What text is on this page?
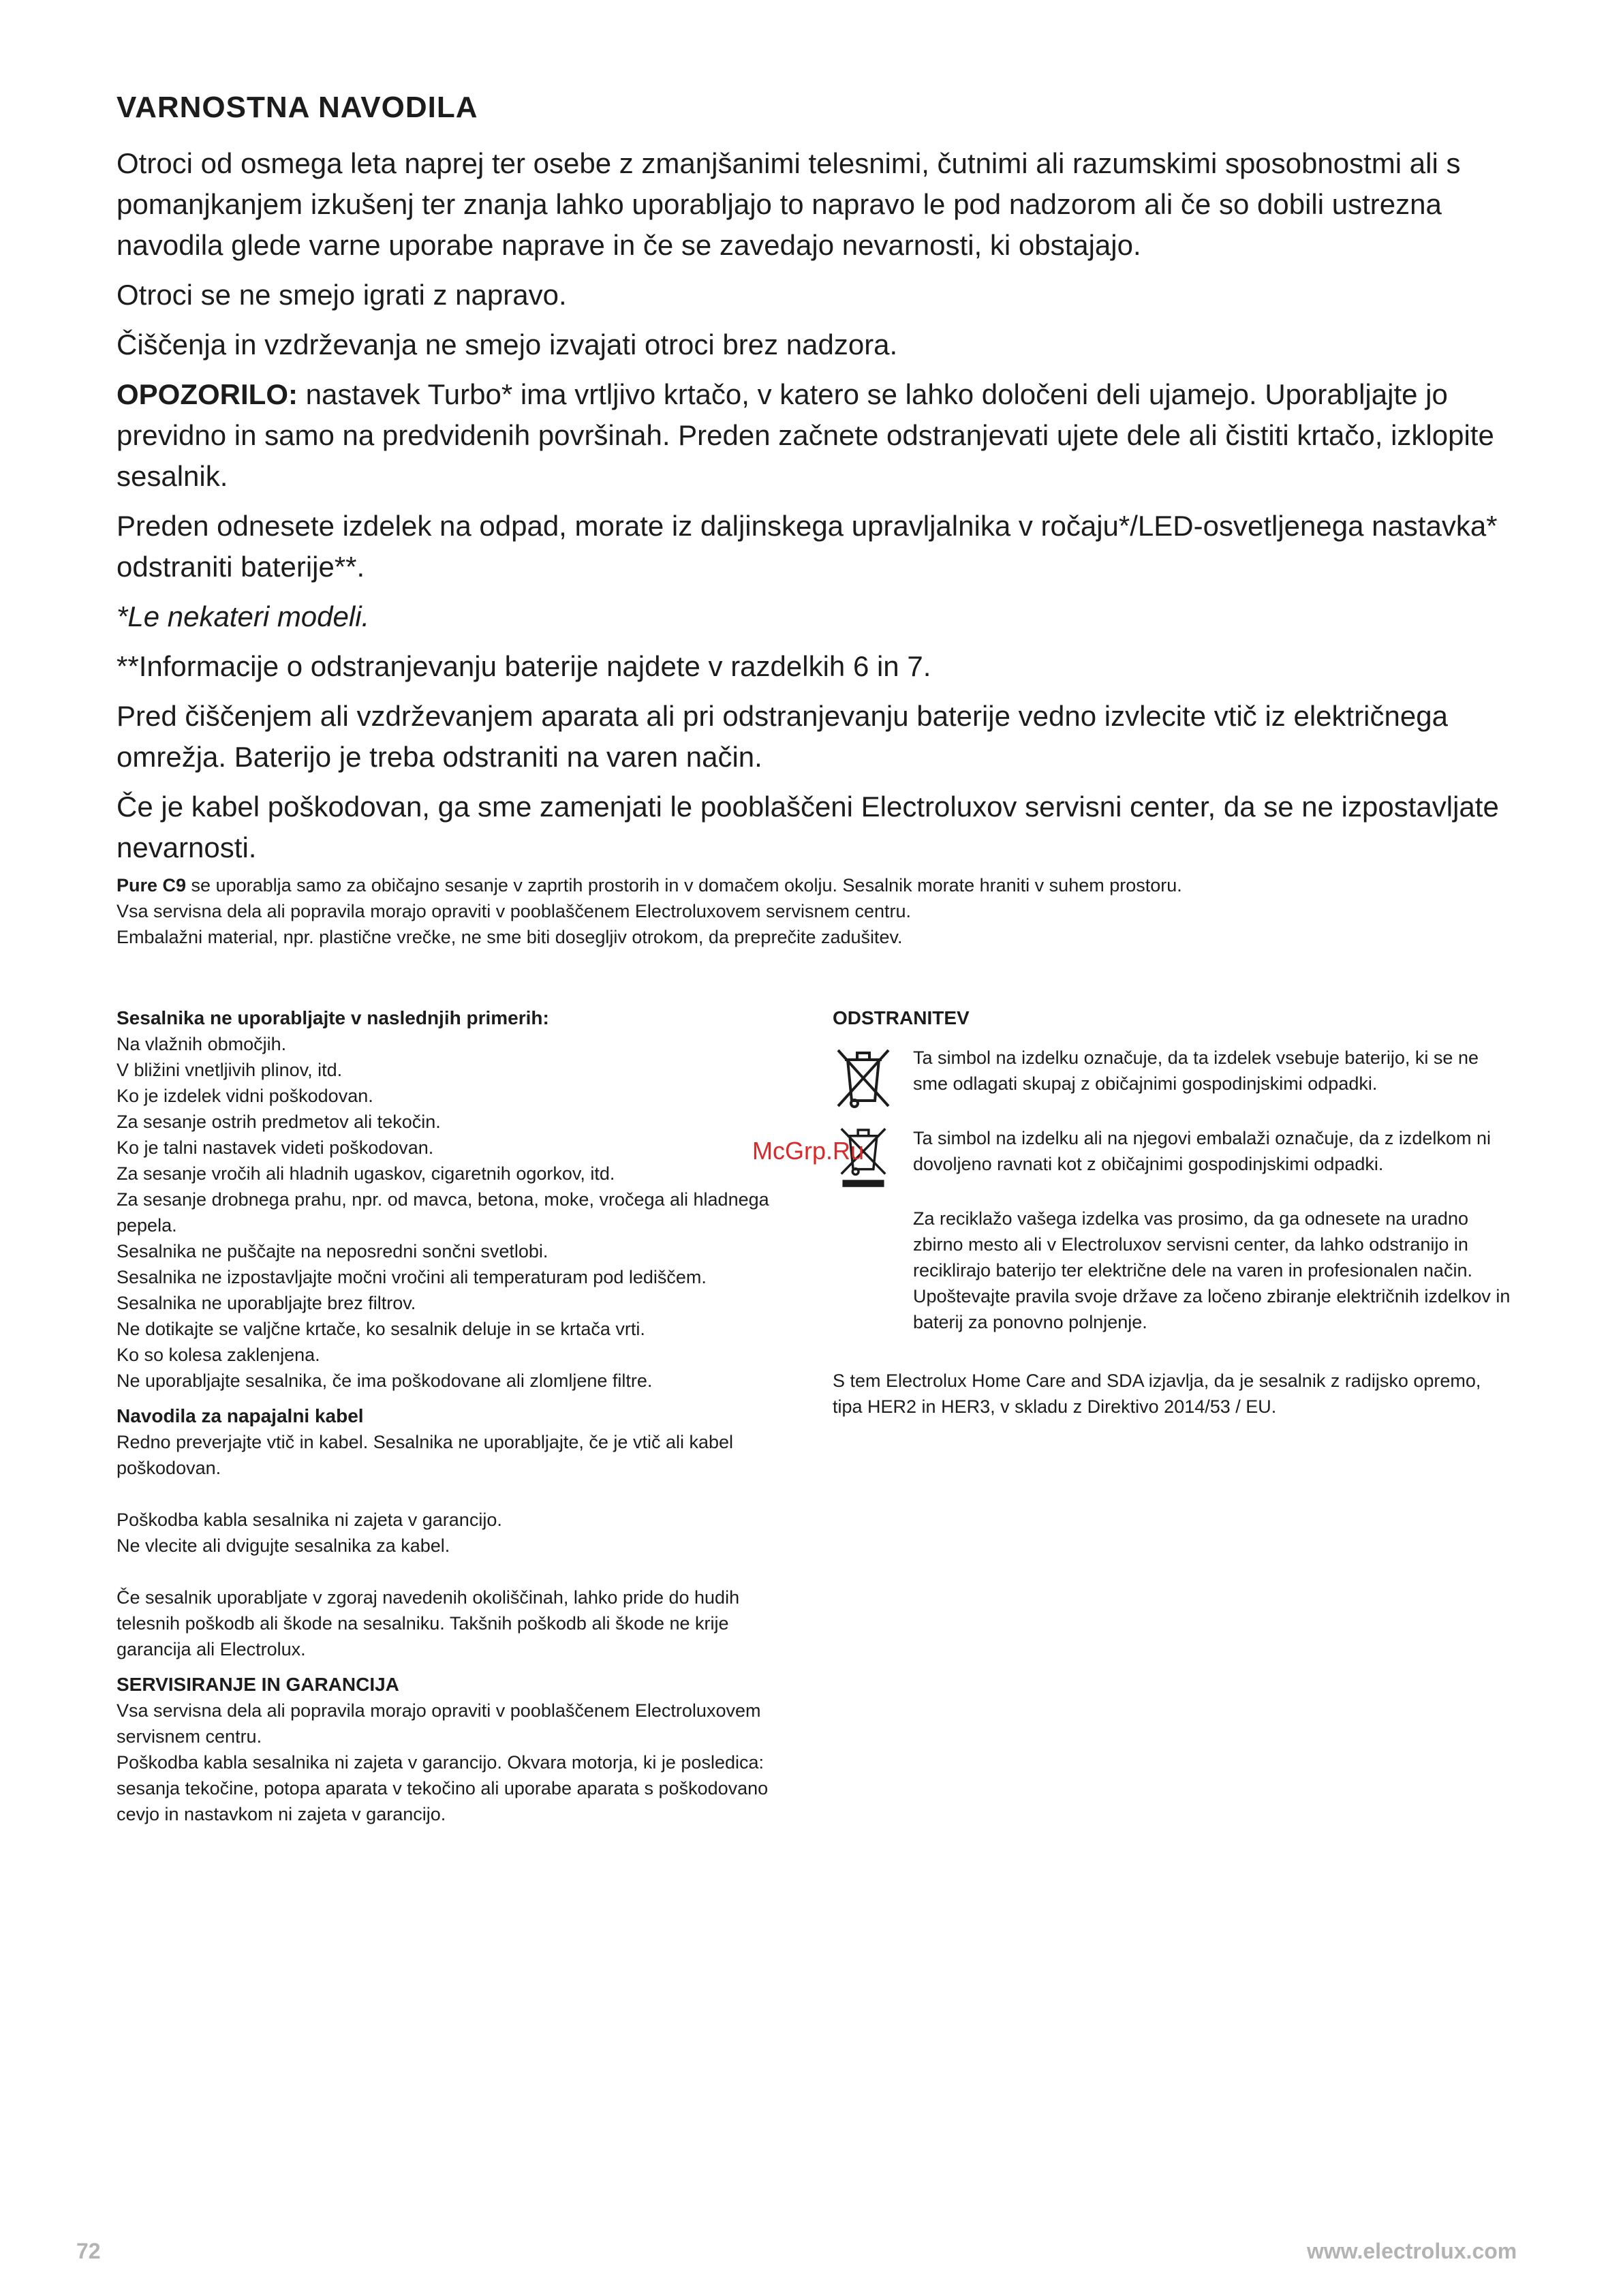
VARNOSTNA NAVODILA

Otroci od osmega leta naprej ter osebe z zmanjšanimi telesnimi, čutnimi ali razumskimi sposobnostmi ali s pomanjkanjem izkušenj ter znanja lahko uporabljajo to napravo le pod nadzorom ali če so dobili ustrezna navodila glede varne uporabe naprave in če se zavedajo nevarnosti, ki obstajajo.

Otroci se ne smejo igrati z napravo.

Čiščenja in vzdrževanja ne smejo izvajati otroci brez nadzora.

OPOZORILO: nastavek Turbo* ima vrtljivo krtačo, v katero se lahko določeni deli ujamejo. Uporabljajte jo previdno in samo na predvidenih površinah. Preden začnete odstranjevati ujete dele ali čistiti krtačo, izklopite sesalnik.

Preden odnesete izdelek na odpad, morate iz daljinskega upravljalnika v ročaju*/LED-osvetljenega nastavka* odstraniti baterije**.

*Le nekateri modeli.

**Informacije o odstranjevanju baterije najdete v razdelkih 6 in 7.

Pred čiščenjem ali vzdrževanjem aparata ali pri odstranjevanju baterije vedno izvlecite vtič iz električnega omrežja. Baterijo je treba odstraniti na varen način.

Če je kabel poškodovan, ga sme zamenjati le pooblaščeni Electroluxov servisni center, da se ne izpostavljate nevarnosti.

Pure C9 se uporablja samo za običajno sesanje v zaprtih prostorih in v domačem okolju. Sesalnik morate hraniti v suhem prostoru.

Vsa servisna dela ali popravila morajo opraviti v pooblaščenem Electroluxovem servisnem centru.

Embalažni material, npr. plastične vrečke, ne sme biti dosegljiv otrokom, da preprečite zadušitev.

Sesalnika ne uporabljajte v naslednjih primerih:

Na vlažnih območjih.

V bližini vnetljivih plinov, itd.

Ko je izdelek vidni poškodovan.

Za sesanje ostrih predmetov ali tekočin.

Ko je talni nastavek videti poškodovan.

Za sesanje vročih ali hladnih ugaskov, cigaretnih ogorkov, itd.

Za sesanje drobnega prahu, npr. od mavca, betona, moke, vročega ali hladnega pepela.

Sesalnika ne puščajte na neposredni sončni svetlobi.

Sesalnika ne izpostavljajte močni vročini ali temperaturam pod lediščem.

Sesalnika ne uporabljajte brez filtrov.

Ne dotikajte se valjčne krtače, ko sesalnik deluje in se krtača vrti.

Ko so kolesa zaklenjena.

Ne uporabljajte sesalnika, če ima poškodovane ali zlomljene filtre.

Navodila za napajalni kabel

Redno preverjajte vtič in kabel. Sesalnika ne uporabljajte, če je vtič ali kabel poškodovan.

Poškodba kabla sesalnika ni zajeta v garancijo.

Ne vlecite ali dvigujte sesalnika za kabel.

Če sesalnik uporabljate v zgoraj navedenih okoliščinah, lahko pride do hudih telesnih poškodb ali škode na sesalniku. Takšnih poškodb ali škode ne krije garancija ali Electrolux.

SERVISIRANJE IN GARANCIJA

Vsa servisna dela ali popravila morajo opraviti v pooblaščenem Electroluxovem servisnem centru.

Poškodba kabla sesalnika ni zajeta v garancijo. Okvara motorja, ki je posledica: sesanja tekočine, potopa aparata v tekočino ali uporabe aparata s poškodovano cevjo in nastavkom ni zajeta v garancijo.

ODSTRANITEV

Ta simbol na izdelku označuje, da ta izdelek vsebuje baterijo, ki se ne sme odlagati skupaj z običajnimi gospodinjskimi odpadki.

Ta simbol na izdelku ali na njegovi embalaži označuje, da z izdelkom ni dovoljeno ravnati kot z običajnimi gospodinjskimi odpadki.

Za reciklažo vašega izdelka vas prosimo, da ga odnesete na uradno zbirno mesto ali v Electroluxov servisni center, da lahko odstranijo in reciklirajo baterijo ter električne dele na varen in profesionalen način. Upoštevajte pravila svoje države za ločeno zbiranje električnih izdelkov in baterij za ponovno polnjenje.

S tem Electrolux Home Care and SDA izjavlja, da je sesalnik z radijsko opremo, tipa HER2 in HER3, v skladu z Direktivo 2014/53 / EU.

McGrp.Ru

72	www.electrolux.com
